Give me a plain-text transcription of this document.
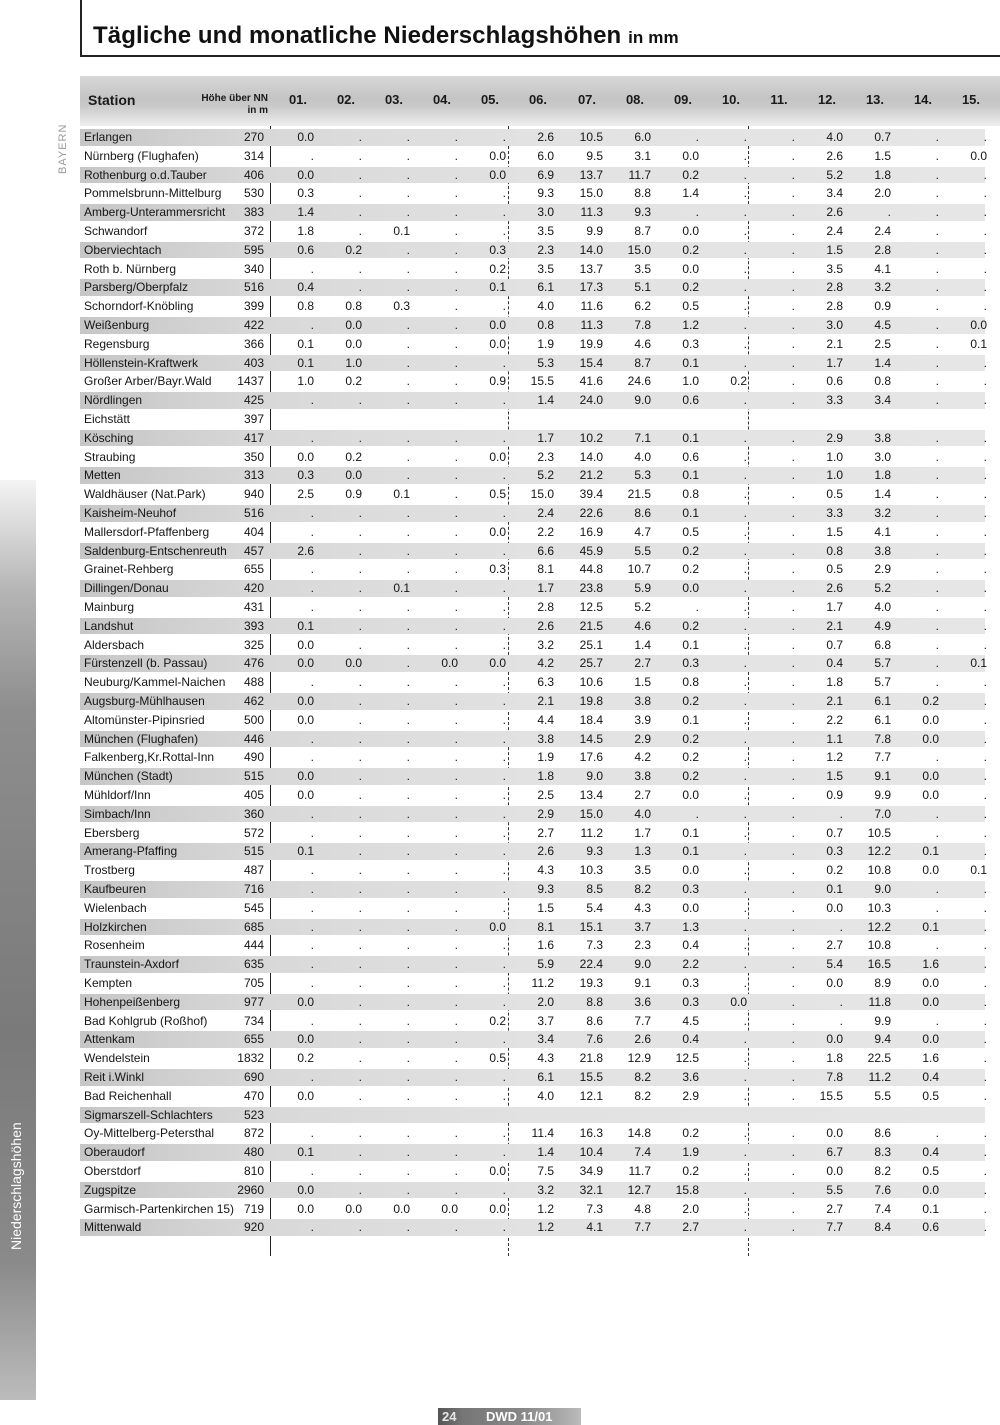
Tägliche und monatliche Niederschlagshöhen in mm
BAYERN
Niederschlagshöhen
Station	Höhe über NN
in m
01.	02.	03.	04.	05.	06.	07.	08.	09.	10.	11.	12.	13.	14.	15.
Erlangen	270	0.0	.	.	.	.	2.6	10.5	6.0	.	.	.	4.0	0.7	.	.
Nürnberg (Flughafen)	314	.	.	.	.	0.0	6.0	9.5	3.1	0.0	.	.	2.6	1.5	.	0.0
Rothenburg o.d.Tauber	406	0.0	.	.	.	0.0	6.9	13.7	11.7	0.2	.	.	5.2	1.8	.	.
Pommelsbrunn-Mittelburg	530	0.3	.	.	.	.	9.3	15.0	8.8	1.4	.	.	3.4	2.0	.	.
Amberg-Unterammersricht	383	1.4	.	.	.	.	3.0	11.3	9.3	.	.	.	2.6	.	.	.
Schwandorf	372	1.8	.	0.1	.	.	3.5	9.9	8.7	0.0	.	.	2.4	2.4	.	.
Oberviechtach	595	0.6	0.2	.	.	0.3	2.3	14.0	15.0	0.2	.	.	1.5	2.8	.	.
Roth b. Nürnberg	340	.	.	.	.	0.2	3.5	13.7	3.5	0.0	.	.	3.5	4.1	.	.
Parsberg/Oberpfalz	516	0.4	.	.	.	0.1	6.1	17.3	5.1	0.2	.	.	2.8	3.2	.	.
Schorndorf-Knöbling	399	0.8	0.8	0.3	.	.	4.0	11.6	6.2	0.5	.	.	2.8	0.9	.	.
Weißenburg	422	.	0.0	.	.	0.0	0.8	11.3	7.8	1.2	.	.	3.0	4.5	.	0.0
Regensburg	366	0.1	0.0	.	.	0.0	1.9	19.9	4.6	0.3	.	.	2.1	2.5	.	0.1
Höllenstein-Kraftwerk	403	0.1	1.0	.	.	.	5.3	15.4	8.7	0.1	.	.	1.7	1.4	.	.
Großer Arber/Bayr.Wald	1437	1.0	0.2	.	.	0.9	15.5	41.6	24.6	1.0	0.2	.	0.6	0.8	.	.
Nördlingen	425	.	.	.	.	.	1.4	24.0	9.0	0.6	.	.	3.3	3.4	.	.
Eichstätt	397
Kösching	417	.	.	.	.	.	1.7	10.2	7.1	0.1	.	.	2.9	3.8	.	.
Straubing	350	0.0	0.2	.	.	0.0	2.3	14.0	4.0	0.6	.	.	1.0	3.0	.	.
Metten	313	0.3	0.0	.	.	.	5.2	21.2	5.3	0.1	.	.	1.0	1.8	.	.
Waldhäuser (Nat.Park)	940	2.5	0.9	0.1	.	0.5	15.0	39.4	21.5	0.8	.	.	0.5	1.4	.	.
Kaisheim-Neuhof	516	.	.	.	.	.	2.4	22.6	8.6	0.1	.	.	3.3	3.2	.	.
Mallersdorf-Pfaffenberg	404	.	.	.	.	0.0	2.2	16.9	4.7	0.5	.	.	1.5	4.1	.	.
Saldenburg-Entschenreuth	457	2.6	.	.	.	.	6.6	45.9	5.5	0.2	.	.	0.8	3.8	.	.
Grainet-Rehberg	655	.	.	.	.	0.3	8.1	44.8	10.7	0.2	.	.	0.5	2.9	.	.
Dillingen/Donau	420	.	.	0.1	.	.	1.7	23.8	5.9	0.0	.	.	2.6	5.2	.	.
Mainburg	431	.	.	.	.	.	2.8	12.5	5.2	.	.	.	1.7	4.0	.	.
Landshut	393	0.1	.	.	.	.	2.6	21.5	4.6	0.2	.	.	2.1	4.9	.	.
Aldersbach	325	0.0	.	.	.	.	3.2	25.1	1.4	0.1	.	.	0.7	6.8	.	.
Fürstenzell (b. Passau)	476	0.0	0.0	.	0.0	0.0	4.2	25.7	2.7	0.3	.	.	0.4	5.7	.	0.1
Neuburg/Kammel-Naichen	488	.	.	.	.	.	6.3	10.6	1.5	0.8	.	.	1.8	5.7	.	.
Augsburg-Mühlhausen	462	0.0	.	.	.	.	2.1	19.8	3.8	0.2	.	.	2.1	6.1	0.2	.
Altomünster-Pipinsried	500	0.0	.	.	.	.	4.4	18.4	3.9	0.1	.	.	2.2	6.1	0.0	.
München (Flughafen)	446	.	.	.	.	.	3.8	14.5	2.9	0.2	.	.	1.1	7.8	0.0	.
Falkenberg,Kr.Rottal-Inn	490	.	.	.	.	.	1.9	17.6	4.2	0.2	.	.	1.2	7.7	.	.
München (Stadt)	515	0.0	.	.	.	.	1.8	9.0	3.8	0.2	.	.	1.5	9.1	0.0	.
Mühldorf/Inn	405	0.0	.	.	.	.	2.5	13.4	2.7	0.0	.	.	0.9	9.9	0.0	.
Simbach/Inn	360	.	.	.	.	.	2.9	15.0	4.0	.	.	.	.	7.0	.	.
Ebersberg	572	.	.	.	.	.	2.7	11.2	1.7	0.1	.	.	0.7	10.5	.	.
Amerang-Pfaffing	515	0.1	.	.	.	.	2.6	9.3	1.3	0.1	.	.	0.3	12.2	0.1	.
Trostberg	487	.	.	.	.	.	4.3	10.3	3.5	0.0	.	.	0.2	10.8	0.0	0.1
Kaufbeuren	716	.	.	.	.	.	9.3	8.5	8.2	0.3	.	.	0.1	9.0	.	.
Wielenbach	545	.	.	.	.	.	1.5	5.4	4.3	0.0	.	.	0.0	10.3	.	.
Holzkirchen	685	.	.	.	.	0.0	8.1	15.1	3.7	1.3	.	.	.	12.2	0.1	.
Rosenheim	444	.	.	.	.	.	1.6	7.3	2.3	0.4	.	.	2.7	10.8	.	.
Traunstein-Axdorf	635	.	.	.	.	.	5.9	22.4	9.0	2.2	.	.	5.4	16.5	1.6	.
Kempten	705	.	.	.	.	.	11.2	19.3	9.1	0.3	.	.	0.0	8.9	0.0	.
Hohenpeißenberg	977	0.0	.	.	.	.	2.0	8.8	3.6	0.3	0.0	.	.	11.8	0.0	.
Bad Kohlgrub (Roßhof)	734	.	.	.	.	0.2	3.7	8.6	7.7	4.5	.	.	.	9.9	.	.
Attenkam	655	0.0	.	.	.	.	3.4	7.6	2.6	0.4	.	.	0.0	9.4	0.0	.
Wendelstein	1832	0.2	.	.	.	0.5	4.3	21.8	12.9	12.5	.	.	1.8	22.5	1.6	.
Reit i.Winkl	690	.	.	.	.	.	6.1	15.5	8.2	3.6	.	.	7.8	11.2	0.4	.
Bad Reichenhall	470	0.0	.	.	.	.	4.0	12.1	8.2	2.9	.	.	15.5	5.5	0.5	.
Sigmarszell-Schlachters	523
Oy-Mittelberg-Petersthal	872	.	.	.	.	.	11.4	16.3	14.8	0.2	.	.	0.0	8.6	.	.
Oberaudorf	480	0.1	.	.	.	.	1.4	10.4	7.4	1.9	.	.	6.7	8.3	0.4	.
Oberstdorf	810	.	.	.	.	0.0	7.5	34.9	11.7	0.2	.	.	0.0	8.2	0.5	.
Zugspitze	2960	0.0	.	.	.	.	3.2	32.1	12.7	15.8	.	.	5.5	7.6	0.0	.
Garmisch-Partenkirchen 15) 719	0.0	0.0	0.0	0.0	0.0	1.2	7.3	4.8	2.0	.	.	2.7	7.4	0.1	.
Mittenwald	920	.	.	.	.	.	1.2	4.1	7.7	2.7	.	.	7.7	8.4	0.6	.
24 DWD 11/01
